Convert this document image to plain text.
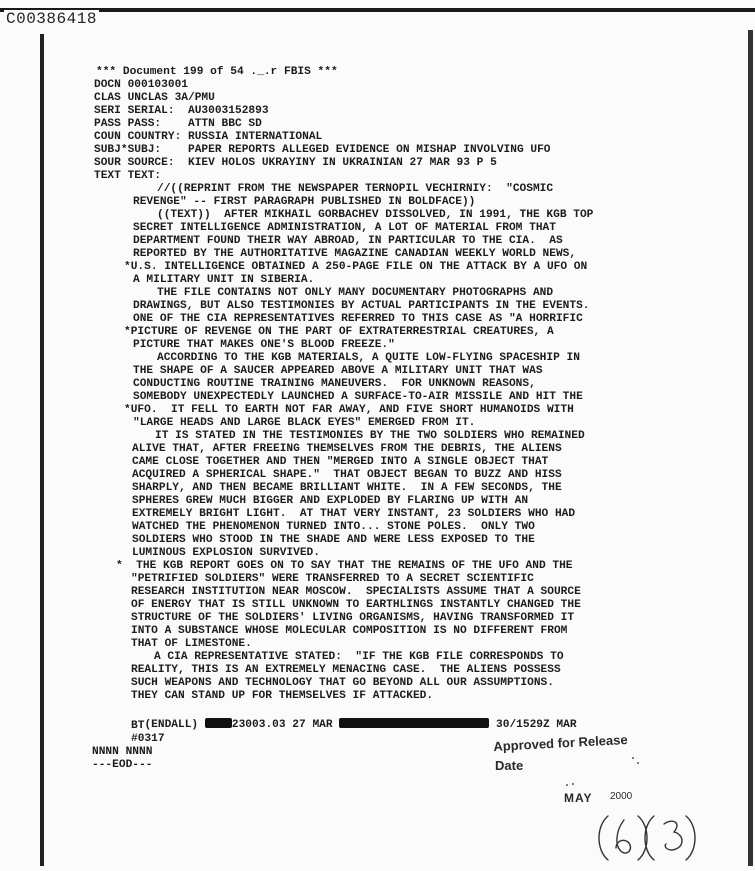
C00386418
*** Document 199 of 54 ._.r FBIS ***
DOCN 000103001
CLAS UNCLAS 3A/PMU
SERI SERIAL:  AU3003152893
PASS PASS:    ATTN BBC SD
COUN COUNTRY: RUSSIA INTERNATIONAL
SUBJ*SUBJ:    PAPER REPORTS ALLEGED EVIDENCE ON MISHAP INVOLVING UFO
SOUR SOURCE:  KIEV HOLOS UKRAYINY IN UKRAINIAN 27 MAR 93 P 5
TEXT TEXT:
//((REPRINT FROM THE NEWSPAPER TERNOPIL VECHIRNIY:  "COSMIC
REVENGE" -- FIRST PARAGRAPH PUBLISHED IN BOLDFACE))
((TEXT))  AFTER MIKHAIL GORBACHEV DISSOLVED, IN 1991, THE KGB TOP
SECRET INTELLIGENCE ADMINISTRATION, A LOT OF MATERIAL FROM THAT
DEPARTMENT FOUND THEIR WAY ABROAD, IN PARTICULAR TO THE CIA.  AS
REPORTED BY THE AUTHORITATIVE MAGAZINE CANADIAN WEEKLY WORLD NEWS,
*U.S. INTELLIGENCE OBTAINED A 250-PAGE FILE ON THE ATTACK BY A UFO ON
A MILITARY UNIT IN SIBERIA.
THE FILE CONTAINS NOT ONLY MANY DOCUMENTARY PHOTOGRAPHS AND
DRAWINGS, BUT ALSO TESTIMONIES BY ACTUAL PARTICIPANTS IN THE EVENTS.
ONE OF THE CIA REPRESENTATIVES REFERRED TO THIS CASE AS "A HORRIFIC
*PICTURE OF REVENGE ON THE PART OF EXTRATERRESTRIAL CREATURES, A
PICTURE THAT MAKES ONE'S BLOOD FREEZE."
ACCORDING TO THE KGB MATERIALS, A QUITE LOW-FLYING SPACESHIP IN
THE SHAPE OF A SAUCER APPEARED ABOVE A MILITARY UNIT THAT WAS
CONDUCTING ROUTINE TRAINING MANEUVERS.  FOR UNKNOWN REASONS,
SOMEBODY UNEXPECTEDLY LAUNCHED A SURFACE-TO-AIR MISSILE AND HIT THE
*UFO.  IT FELL TO EARTH NOT FAR AWAY, AND FIVE SHORT HUMANOIDS WITH
"LARGE HEADS AND LARGE BLACK EYES" EMERGED FROM IT.
IT IS STATED IN THE TESTIMONIES BY THE TWO SOLDIERS WHO REMAINED
ALIVE THAT, AFTER FREEING THEMSELVES FROM THE DEBRIS, THE ALIENS
CAME CLOSE TOGETHER AND THEN "MERGED INTO A SINGLE OBJECT THAT
ACQUIRED A SPHERICAL SHAPE."  THAT OBJECT BEGAN TO BUZZ AND HISS
SHARPLY, AND THEN BECAME BRILLIANT WHITE.  IN A FEW SECONDS, THE
SPHERES GREW MUCH BIGGER AND EXPLODED BY FLARING UP WITH AN
EXTREMELY BRIGHT LIGHT.  AT THAT VERY INSTANT, 23 SOLDIERS WHO HAD
WATCHED THE PHENOMENON TURNED INTO... STONE POLES.  ONLY TWO
SOLDIERS WHO STOOD IN THE SHADE AND WERE LESS EXPOSED TO THE
LUMINOUS EXPLOSION SURVIVED.
*  THE KGB REPORT GOES ON TO SAY THAT THE REMAINS OF THE UFO AND THE
"PETRIFIED SOLDIERS" WERE TRANSFERRED TO A SECRET SCIENTIFIC
RESEARCH INSTITUTION NEAR MOSCOW.  SPECIALISTS ASSUME THAT A SOURCE
OF ENERGY THAT IS STILL UNKNOWN TO EARTHLINGS INSTANTLY CHANGED THE
STRUCTURE OF THE SOLDIERS' LIVING ORGANISMS, HAVING TRANSFORMED IT
INTO A SUBSTANCE WHOSE MOLECULAR COMPOSITION IS NO DIFFERENT FROM
THAT OF LIMESTONE.
A CIA REPRESENTATIVE STATED:  "IF THE KGB FILE CORRESPONDS TO
REALITY, THIS IS AN EXTREMELY MENACING CASE.  THE ALIENS POSSESS
SUCH WEAPONS AND TECHNOLOGY THAT GO BEYOND ALL OUR ASSUMPTIONS.
THEY CAN STAND UP FOR THEMSELVES IF ATTACKED.

(ENDALL) 23003.03 27 MAR	30/1529Z MAR

BT
#0317
NNNN NNNN
---EOD---
Approved for Release
Date
MAY 2000
